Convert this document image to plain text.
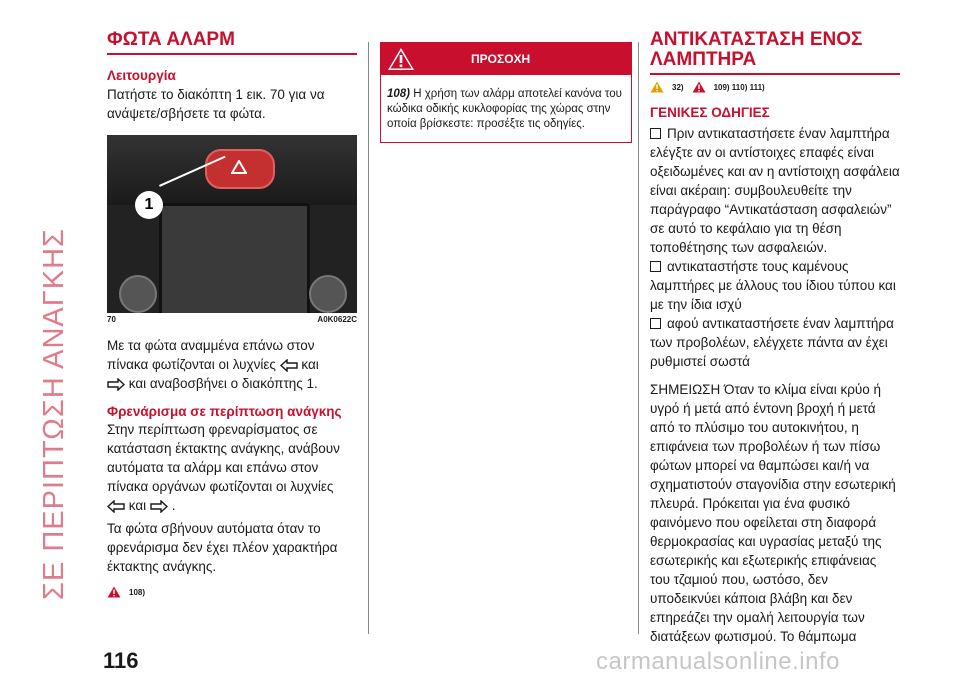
ΣΕ ΠΕΡΙΠΤΩΣΗ ΑΝΑΓΚΗΣ
ΦΩΤΑ ΑΛΑΡΜ
Λειτουργία

Πατήστε το διακόπτη 1 εικ. 70 για να ανάψετε/σβήσετε τα φώτα.

1
70	A0K0622C

Με τα φώτα αναμμένα επάνω στον πίνακα φωτίζονται οι λυχνίες και
και αναβοσβήνει ο διακόπτης 1.

Φρενάρισμα σε περίπτωση ανάγκης

Στην περίπτωση φρεναρίσματος σε κατάσταση έκτακτης ανάγκης, ανάβουν αυτόματα τα αλάρμ και επάνω στον πίνακα οργάνων φωτίζονται οι λυχνίες
και .

Τα φώτα σβήνουν αυτόματα όταν το φρενάρισμα δεν έχει πλέον χαρακτήρα έκτακτης ανάγκης.

108)
ΠΡΟΣΟΧΗ
108) Η χρήση των αλάρμ αποτελεί κανόνα του κώδικα οδικής κυκλοφορίας της χώρας στην οποία βρίσκεστε: προσέξτε τις οδηγίες.
ΑΝΤΙΚΑΤΑΣΤΑΣΗ ΕΝΟΣ ΛΑΜΠΤΗΡΑ
32)	109) 110) 111)
ΓΕΝΙΚΕΣ ΟΔΗΓΙΕΣ

Πριν αντικαταστήσετε έναν λαμπτήρα ελέγξτε αν οι αντίστοιχες επαφές είναι οξειδωμένες και αν η αντίστοιχη ασφάλεια είναι ακέραιη: συμβουλευθείτε την παράγραφο “Αντικατάσταση ασφαλειών” σε αυτό το κεφάλαιο για τη θέση τοποθέτησης των ασφαλειών.

αντικαταστήστε τους καμένους λαμπτήρες με άλλους του ίδιου τύπου και με την ίδια ισχύ

αφού αντικαταστήσετε έναν λαμπτήρα των προβολέων, ελέγχετε πάντα αν έχει ρυθμιστεί σωστά

ΣΗΜΕΙΩΣΗ Όταν το κλίμα είναι κρύο ή υγρό ή μετά από έντονη βροχή ή μετά από το πλύσιμο του αυτοκινήτου, η επιφάνεια των προβολέων ή των πίσω φώτων μπορεί να θαμπώσει και/ή να σχηματιστούν σταγονίδια στην εσωτερική πλευρά. Πρόκειται για ένα φυσικό φαινόμενο που οφείλεται στη διαφορά θερμοκρασίας και υγρασίας μεταξύ της εσωτερικής και εξωτερικής επιφάνειας του τζαμιού που, ωστόσο, δεν υποδεικνύει κάποια βλάβη και δεν επηρεάζει την ομαλή λειτουργία των διατάξεων φωτισμού. Το θάμπωμα

116	carmanualsonline.info
